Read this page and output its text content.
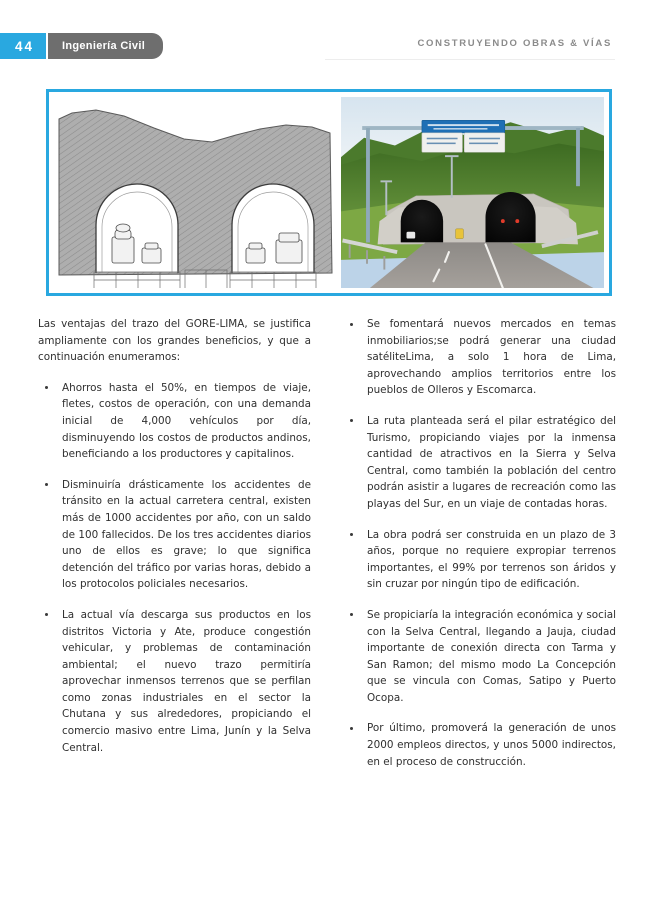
44	Ingeniería Civil	CONSTRUYENDO OBRAS & VÍAS

Las ventajas del trazo del GORE-LIMA, se justifica ampliamente con los grandes beneficios, y que a continuación enumeramos:

Ahorros hasta el 50%, en tiempos de viaje, fletes, costos de operación, con una demanda inicial de 4,000 vehículos por día, disminuyendo los costos de productos andinos, beneficiando a los productores y capitalinos.
Disminuiría drásticamente los accidentes de tránsito en la actual carretera central, existen más de 1000 accidentes por año, con un saldo de 100 fallecidos. De los tres accidentes diarios uno de ellos es grave; lo que significa detención del tráfico por varias horas, debido a los protocolos policiales necesarios.
La actual vía descarga sus productos en los distritos Victoria y Ate, produce congestión vehicular, y problemas de contaminación ambiental; el nuevo trazo permitiría aprovechar inmensos terrenos que se perfilan como zonas industriales en el sector la Chutana y sus alrededores, propiciando el comercio masivo entre Lima, Junín y la Selva Central.
Se fomentará nuevos mercados en temas inmobiliarios;se podrá generar una ciudad satéliteLima, a solo 1 hora de Lima, aprovechando amplios territorios entre los pueblos de Olleros y Escomarca.
La ruta planteada será el pilar estratégico del Turismo, propiciando viajes por la inmensa cantidad de atractivos en la Sierra y Selva Central, como también la población del centro podrán asistir a lugares de recreación como las playas del Sur, en un viaje de contadas horas.
La obra podrá ser construida en un plazo de 3 años, porque no requiere expropiar terrenos importantes, el 99% por terrenos son áridos y sin cruzar por ningún tipo de edificación.
Se propiciaría la integración económica y social con la Selva Central, llegando a Jauja, ciudad importante de conexión directa con Tarma y San Ramon; del mismo modo La Concepción que se vincula con Comas, Satipo y Puerto Ocopa.
Por último, promoverá la generación de unos 2000 empleos directos, y unos 5000 indirectos, en el proceso de construcción.
